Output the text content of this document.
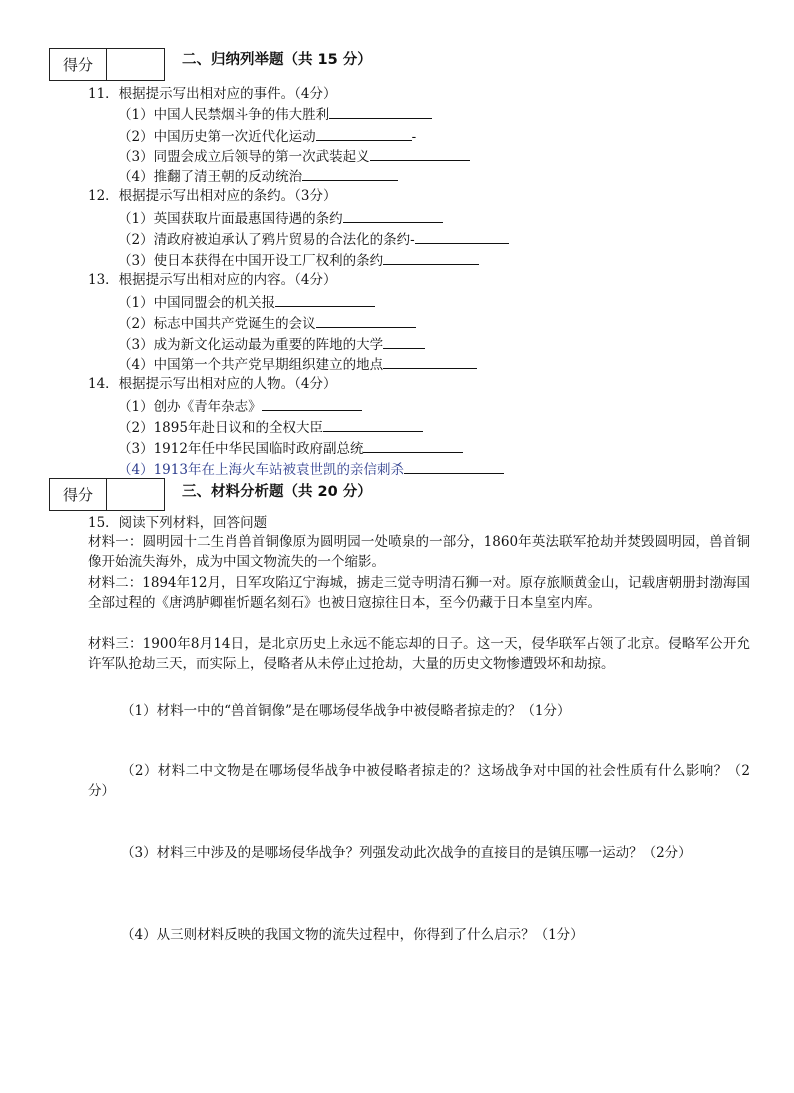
得分	二、归纳列举题（共 15 分）
11．根据提示写出相对应的事件。（4分）
（1）中国人民禁烟斗争的伟大胜利
（2）中国历史第一次近代化运动	-
（3）同盟会成立后领导的第一次武装起义
（4）推翻了清王朝的反动统治
12．根据提示写出相对应的条约。（3分）
（1）英国获取片面最惠国待遇的条约
（2）清政府被迫承认了鸦片贸易的合法化的条约-
（3）使日本获得在中国开设工厂权利的条约
13．根据提示写出相对应的内容。（4分）
（1）中国同盟会的机关报
（2）标志中国共产党诞生的会议
（3）成为新文化运动最为重要的阵地的大学
（4）中国第一个共产党早期组织建立的地点
14．根据提示写出相对应的人物。（4分）
（1）创办《青年杂志》
（2）1895年赴日议和的全权大臣
（3）1912年任中华民国临时政府副总统
（4）1913年在上海火车站被袁世凯的亲信刺杀
得分	三、材料分析题（共 20 分）
15．阅读下列材料，回答问题
材料一：圆明园十二生肖兽首铜像原为圆明园一处喷泉的一部分，1860年英法联军抢劫并焚毁圆明园，兽首铜像开始流失海外，成为中国文物流失的一个缩影。
材料二：1894年12月，日军攻陷辽宁海城，掳走三觉寺明清石狮一对。原存旅顺黄金山，记载唐朝册封渤海国全部过程的《唐鸿胪卿崔忻题名刻石》也被日寇掠往日本，至今仍藏于日本皇室内库。
材料三：1900年8月14日，是北京历史上永远不能忘却的日子。这一天，侵华联军占领了北京。侵略军公开允许军队抢劫三天，而实际上，侵略者从未停止过抢劫，大量的历史文物惨遭毁坏和劫掠。
（1）材料一中的“兽首铜像”是在哪场侵华战争中被侵略者掠走的？（1分）
（2）材料二中文物是在哪场侵华战争中被侵略者掠走的？这场战争对中国的社会性质有什么影响？（2分）
（3）材料三中涉及的是哪场侵华战争？列强发动此次战争的直接目的是镇压哪一运动？（2分）
（4）从三则材料反映的我国文物的流失过程中，你得到了什么启示？（1分）
